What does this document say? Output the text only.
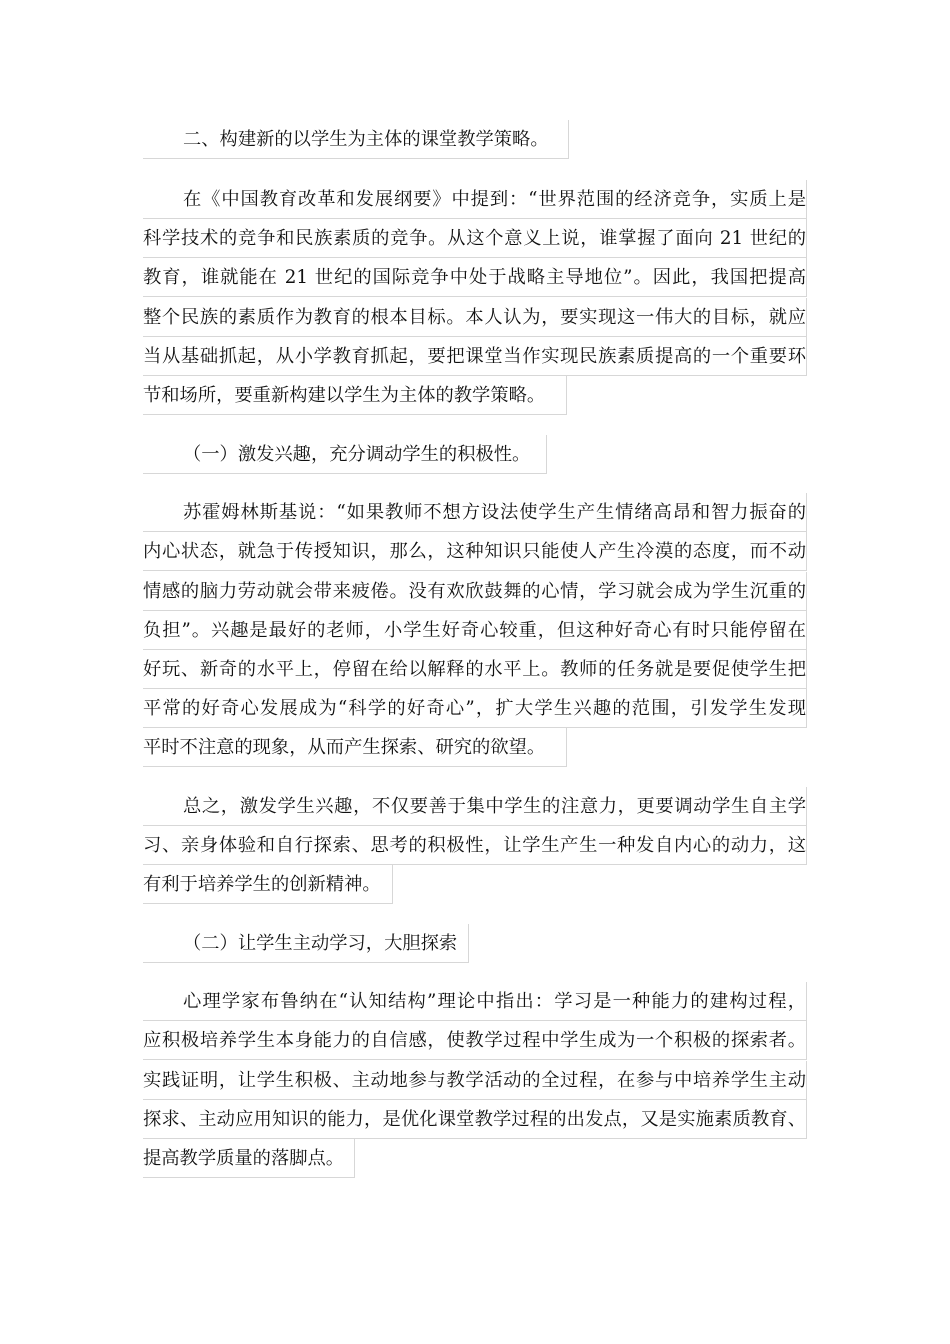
二、构建新的以学生为主体的课堂教学策略。
在《中国教育改革和发展纲要》中提到：“世界范围的经济竞争，实质上是
科学技术的竞争和民族素质的竞争。从这个意义上说，谁掌握了面向 21 世纪的
教育，谁就能在 21 世纪的国际竞争中处于战略主导地位”。因此，我国把提高
整个民族的素质作为教育的根本目标。本人认为，要实现这一伟大的目标，就应
当从基础抓起，从小学教育抓起，要把课堂当作实现民族素质提高的一个重要环
节和场所，要重新构建以学生为主体的教学策略。
（一）激发兴趣，充分调动学生的积极性。
苏霍姆林斯基说：“如果教师不想方设法使学生产生情绪高昂和智力振奋的
内心状态，就急于传授知识，那么，这种知识只能使人产生冷漠的态度，而不动
情感的脑力劳动就会带来疲倦。没有欢欣鼓舞的心情，学习就会成为学生沉重的
负担”。兴趣是最好的老师，小学生好奇心较重，但这种好奇心有时只能停留在
好玩、新奇的水平上，停留在给以解释的水平上。教师的任务就是要促使学生把
平常的好奇心发展成为“科学的好奇心”，扩大学生兴趣的范围，引发学生发现
平时不注意的现象，从而产生探索、研究的欲望。
总之，激发学生兴趣，不仅要善于集中学生的注意力，更要调动学生自主学
习、亲身体验和自行探索、思考的积极性，让学生产生一种发自内心的动力，这
有利于培养学生的创新精神。
（二）让学生主动学习，大胆探索
心理学家布鲁纳在“认知结构”理论中指出：学习是一种能力的建构过程，
应积极培养学生本身能力的自信感，使教学过程中学生成为一个积极的探索者。
实践证明，让学生积极、主动地参与教学活动的全过程，在参与中培养学生主动
探求、主动应用知识的能力，是优化课堂教学过程的出发点，又是实施素质教育、
提高教学质量的落脚点。
